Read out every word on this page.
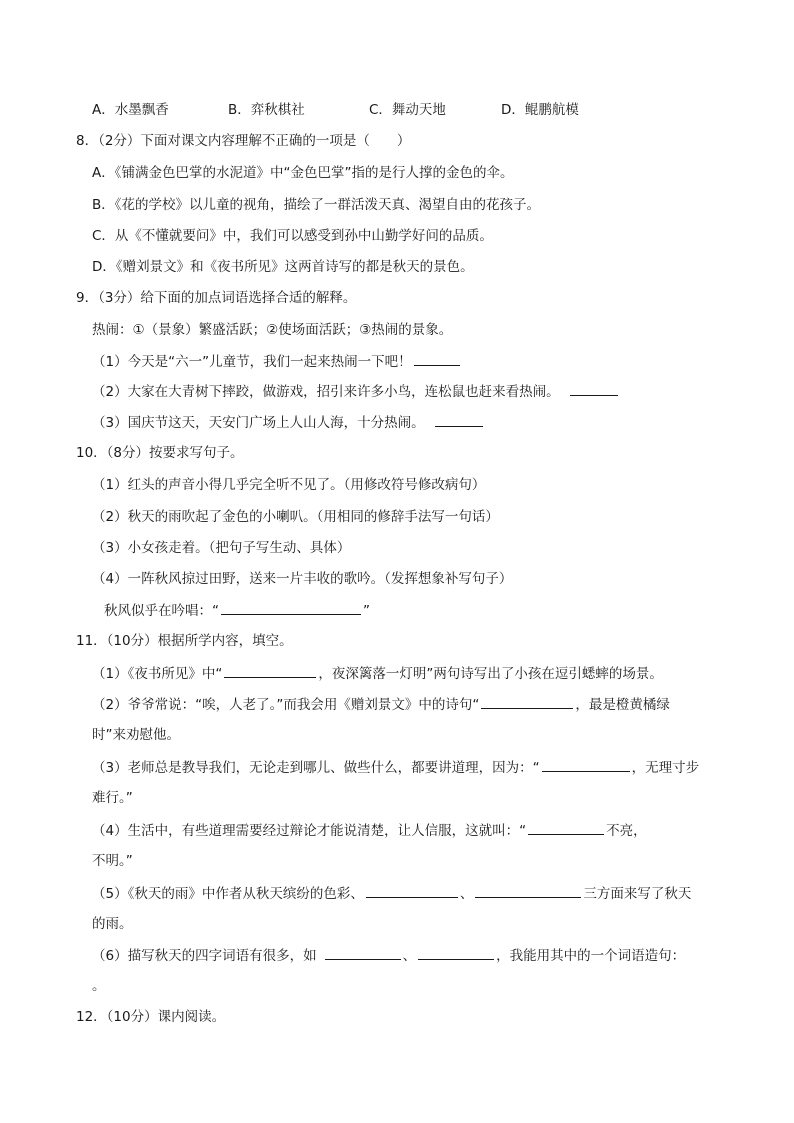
A．水墨飘香	B．弈秋棋社	C．舞动天地	D．鲲鹏航模
8．（2分）下面对课文内容理解不正确的一项是（　　）
A．《铺满金色巴掌的水泥道》中“金色巴掌”指的是行人撑的金色的伞。
B．《花的学校》以儿童的视角，描绘了一群活泼天真、渴望自由的花孩子。
C．从《不懂就要问》中，我们可以感受到孙中山勤学好问的品质。
D．《赠刘景文》和《夜书所见》这两首诗写的都是秋天的景色。
9．（3分）给下面的加点词语选择合适的解释。
热闹：①（景象）繁盛活跃；②使场面活跃；③热闹的景象。
（1）今天是“六一”儿童节，我们一起来热闹一下吧！
（2）大家在大青树下摔跤，做游戏，招引来许多小鸟，连松鼠也赶来看热闹。
（3）国庆节这天，天安门广场上人山人海，十分热闹。
10．（8分）按要求写句子。
（1）红头的声音小得几乎完全听不见了。（用修改符号修改病句）
（2）秋天的雨吹起了金色的小喇叭。（用相同的修辞手法写一句话）
（3）小女孩走着。（把句子写生动、具体）
（4）一阵秋风掠过田野，送来一片丰收的歌吟。（发挥想象补写句子）
秋风似乎在吟唱：“	”
11．（10分）根据所学内容，填空。
（1）《夜书所见》中“	，夜深篱落一灯明”两句诗写出了小孩在逗引蟋蟀的场景。
（2）爷爷常说：“唉，人老了。”而我会用《赠刘景文》中的诗句“	，最是橙黄橘绿
时”来劝慰他。
（3）老师总是教导我们，无论走到哪儿、做些什么，都要讲道理，因为：“	，无理寸步
难行。”
（4）生活中，有些道理需要经过辩论才能说清楚，让人信服，这就叫：“	不亮，
不明。”
（5）《秋天的雨》中作者从秋天缤纷的色彩、	、	三方面来写了秋天
的雨。
（6）描写秋天的四字词语有很多，如	、	，我能用其中的一个词语造句：
。
12．（10分）课内阅读。
